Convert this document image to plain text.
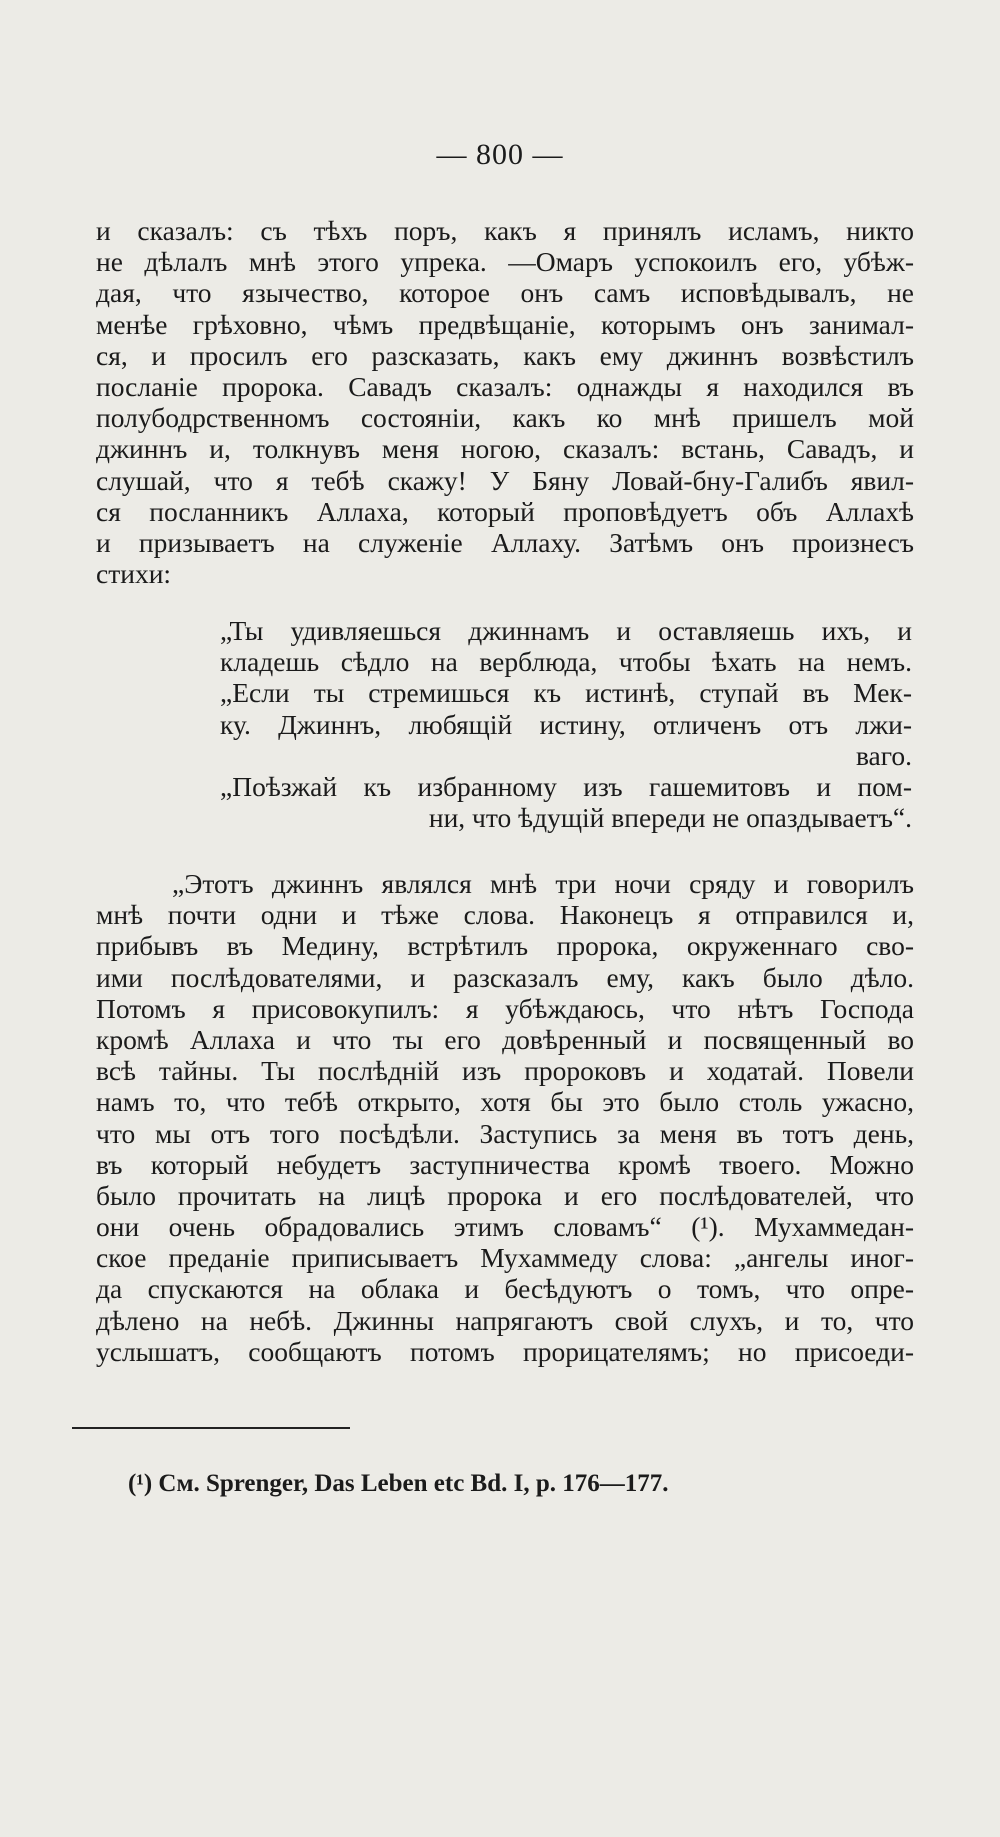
— 800 —
и сказалъ: съ тѣхъ поръ, какъ я принялъ исламъ, никто
не дѣлалъ мнѣ этого упрека. —Омаръ успокоилъ его, убѣж-
дая, что язычество, которое онъ самъ исповѣдывалъ, не
менѣе грѣховно, чѣмъ предвѣщаніе, которымъ онъ занимал-
ся, и просилъ его разсказать, какъ ему джиннъ возвѣстилъ
посланіе пророка. Савадъ сказалъ: однажды я находился въ
полубодрственномъ состояніи, какъ ко мнѣ пришелъ мой
джиннъ и, толкнувъ меня ногою, сказалъ: встань, Савадъ, и
слушай, что я тебѣ скажу! У Бяну Ловай-бну-Галибъ явил-
ся посланникъ Аллаха, который проповѣдуетъ объ Аллахѣ
и призываетъ на служеніе Аллаху. Затѣмъ онъ произнесъ
стихи:
„Ты удивляешься джиннамъ и оставляешь ихъ, и
кладешь сѣдло на верблюда, чтобы ѣхать на немъ.
„Если ты стремишься къ истинѣ, ступай въ Мек-
ку. Джиннъ, любящій истину, отличенъ отъ лжи-
ваго.
„Поѣзжай къ избранному изъ гашемитовъ и пом-
ни, что ѣдущій впереди не опаздываетъ“.
„Этотъ джиннъ являлся мнѣ три ночи сряду и говорилъ
мнѣ почти одни и тѣже слова. Наконецъ я отправился и,
прибывъ въ Медину, встрѣтилъ пророка, окруженнаго сво-
ими послѣдователями, и разсказалъ ему, какъ было дѣло.
Потомъ я присовокупилъ: я убѣждаюсь, что нѣтъ Господа
кромѣ Аллаха и что ты его довѣренный и посвященный во
всѣ тайны. Ты послѣдній изъ пророковъ и ходатай. Повели
намъ то, что тебѣ открыто, хотя бы это было столь ужасно,
что мы отъ того посѣдѣли. Заступись за меня въ тотъ день,
въ который небудетъ заступничества кромѣ твоего. Можно
было прочитать на лицѣ пророка и его послѣдователей, что
они очень обрадовались этимъ словамъ“ (¹). Мухаммедан-
ское преданіе приписываетъ Мухаммеду слова: „ангелы иног-
да спускаются на облака и бесѣдуютъ о томъ, что опре-
дѣлено на небѣ. Джинны напрягаютъ свой слухъ, и то, что
услышатъ, сообщаютъ потомъ прорицателямъ; но присоеди-
(¹) См. Sprenger, Das Leben etc Bd. I, p. 176—177.
